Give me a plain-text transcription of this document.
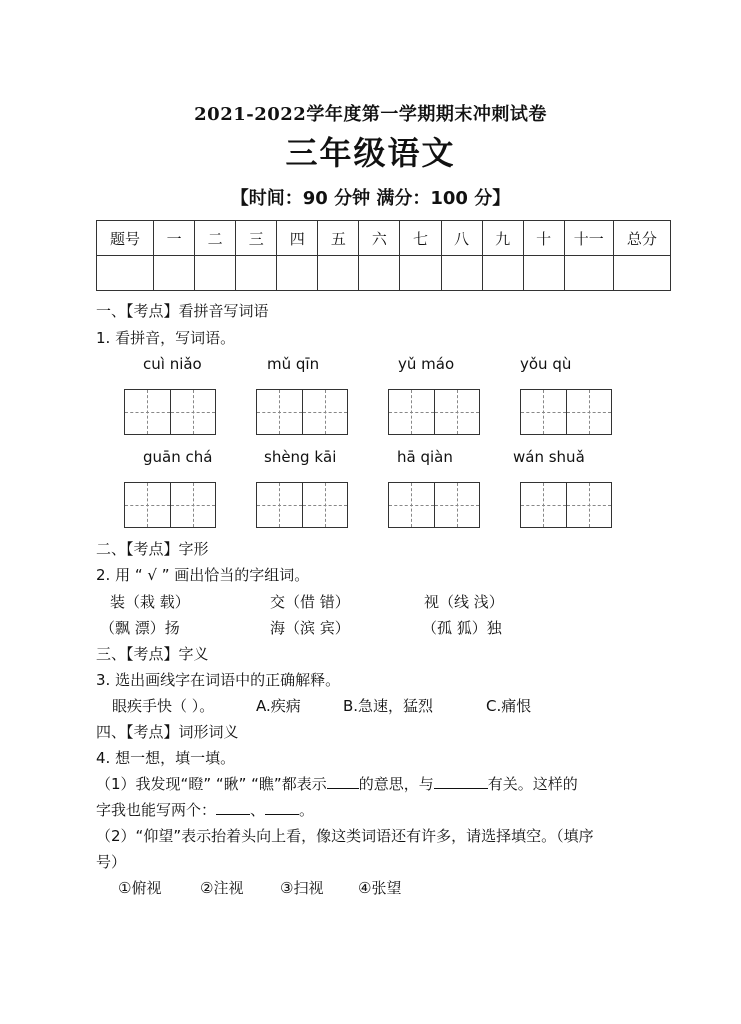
2021-2022学年度第一学期期末冲刺试卷
三年级语文
【时间：90 分钟 满分：100 分】
题号	一	二	三	四	五	六	七	八	九	十	十一	总分

一、【考点】看拼音写词语
1. 看拼音，写词语。
cuì niǎo	mǔ qīn	yǔ máo	yǒu qù
guān chá	shèng kāi	hā qiàn	wán shuǎ
二、【考点】字形
2. 用 “ √ ” 画出恰当的字组词。
装（栽 载）	交（借 错）	视（线 浅）
（飘 漂）扬	海（滨 宾）	（孤 狐）独
三、【考点】字义
3. 选出画线字在词语中的正确解释。
眼疾手快（ ）。	A.疾病	B.急速，猛烈	C.痛恨
四、【考点】词形词义
4. 想一想，填一填。
（1）我发现“瞪” “瞅” “瞧”都表示 的意思，与	有关。这样的
字我也能写两个： 、 。
（2）“仰望”表示抬着头向上看，像这类词语还有许多，请选择填空。（填序
号）
①俯视	②注视 ③扫视 ④张望
